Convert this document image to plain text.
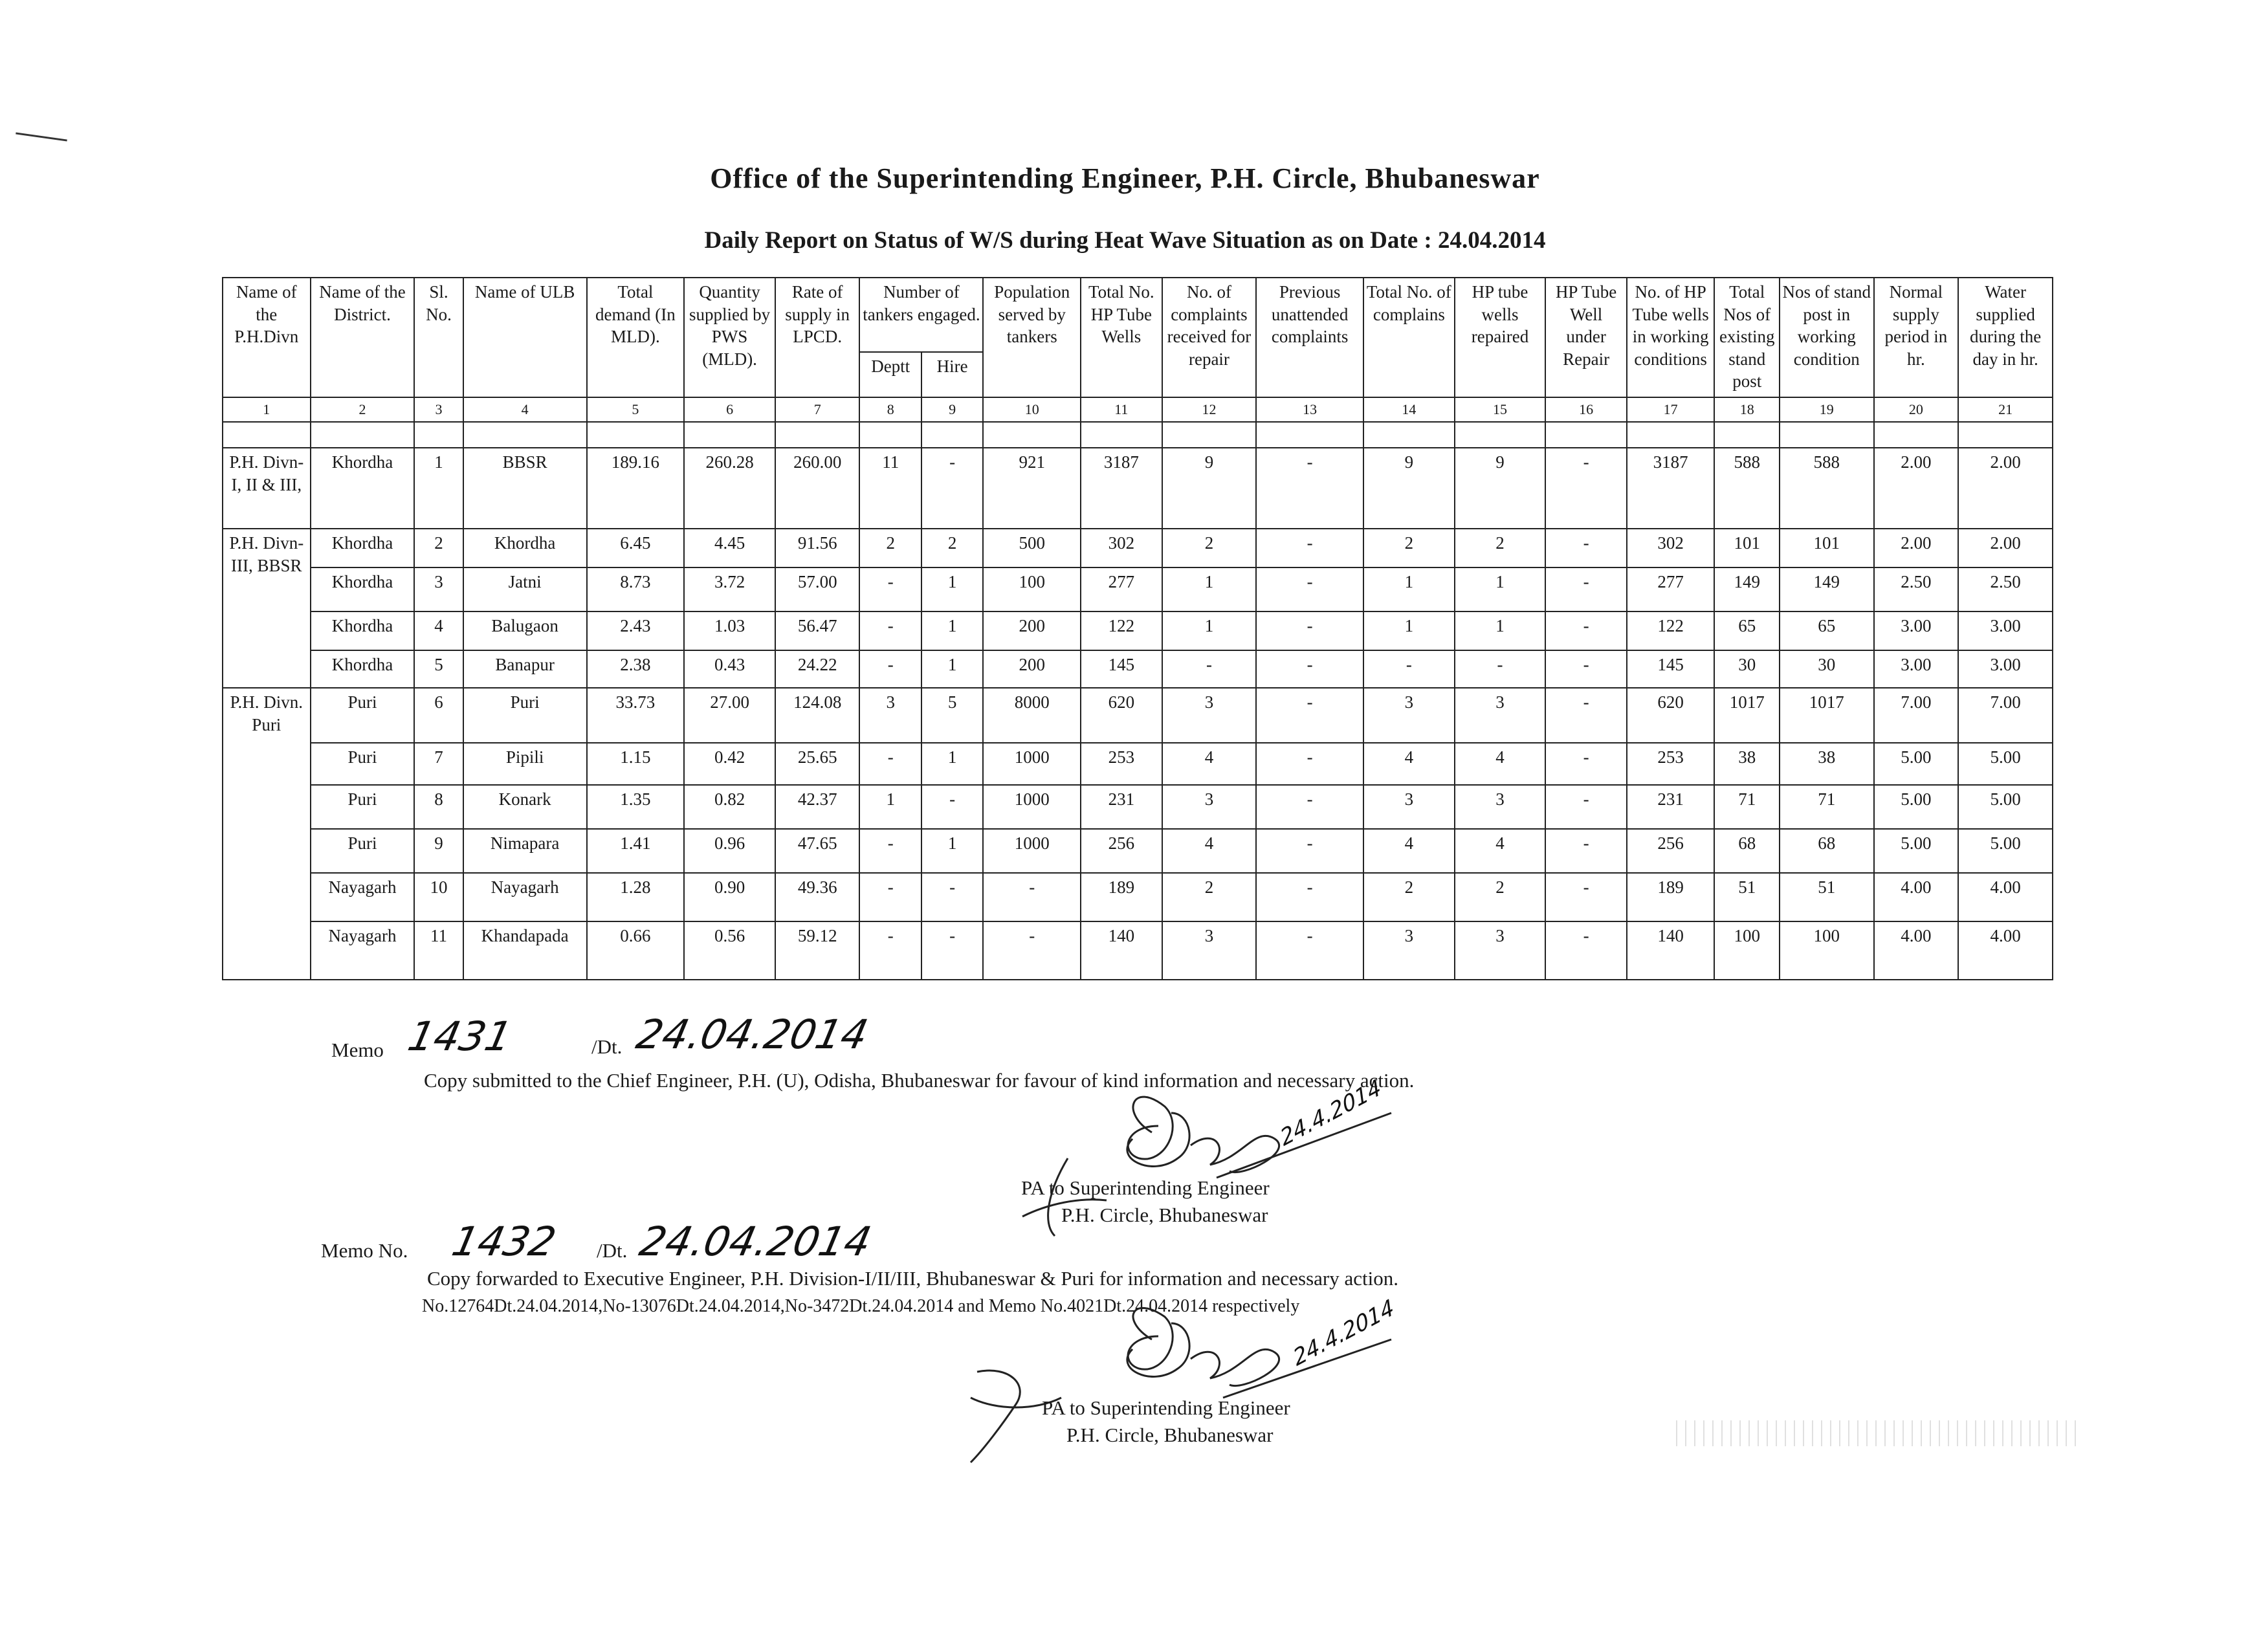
Office of the Superintending Engineer, P.H. Circle, Bhubaneswar
Daily Report on Status of W/S during Heat Wave Situation as on Date : 24.04.2014
Name of the P.H.Divn	Name of the District.	Sl. No.	Name of ULB	Total demand (In MLD).	Quantity supplied by PWS (MLD).	Rate of supply in LPCD.	Number of tankers engaged.		Population served by tankers	Total No. HP Tube Wells	No. of complaints received for repair	Previous unattended complaints	Total No. of complains	HP tube wells repaired	HP Tube Well under Repair	No. of HP Tube wells in working conditions	Total Nos of existing stand post	Nos of stand post in working condition	Normal supply period in hr.	Water supplied during the day in hr.
							Deptt	Hire												
1	2	3	4	5	6	7	8	9	10	11	12	13	14	15	16	17	18	19	20	21

P.H. Divn-I, II & III,	Khordha	1	BBSR	189.16	260.28	260.00	11	-	921	3187	9	-	9	9	-	3187	588	588	2.00	2.00
P.H. Divn-III, BBSR	Khordha	2	Khordha	6.45	4.45	91.56	2	2	500	302	2	-	2	2	-	302	101	101	2.00	2.00
	Khordha	3	Jatni	8.73	3.72	57.00	-	1	100	277	1	-	1	1	-	277	149	149	2.50	2.50
	Khordha	4	Balugaon	2.43	1.03	56.47	-	1	200	122	1	-	1	1	-	122	65	65	3.00	3.00
	Khordha	5	Banapur	2.38	0.43	24.22	-	1	200	145	-	-	-	-	-	145	30	30	3.00	3.00
P.H. Divn. Puri	Puri	6	Puri	33.73	27.00	124.08	3	5	8000	620	3	-	3	3	-	620	1017	1017	7.00	7.00
	Puri	7	Pipili	1.15	0.42	25.65	-	1	1000	253	4	-	4	4	-	253	38	38	5.00	5.00
	Puri	8	Konark	1.35	0.82	42.37	1	-	1000	231	3	-	3	3	-	231	71	71	5.00	5.00
	Puri	9	Nimapara	1.41	0.96	47.65	-	1	1000	256	4	-	4	4	-	256	68	68	5.00	5.00
	Nayagarh	10	Nayagarh	1.28	0.90	49.36	-	-	-	189	2	-	2	2	-	189	51	51	4.00	4.00
	Nayagarh	11	Khandapada	0.66	0.56	59.12	-	-	-	140	3	-	3	3	-	140	100	100	4.00	4.00
Memo 1431	/Dt. 24.04.2014
Copy submitted to the Chief Engineer, P.H. (U), Odisha, Bhubaneswar for favour of kind information and necessary action.
24.4.2014
PA to Superintending Engineer
P.H. Circle, Bhubaneswar
Memo No. 1432 /Dt. 24.04.2014
Copy forwarded to Executive Engineer, P.H. Division-I/II/III, Bhubaneswar & Puri for information and necessary action.
No.12764Dt.24.04.2014,No-13076Dt.24.04.2014,No-3472Dt.24.04.2014 and Memo No.4021Dt.24.04.2014 respectively
24.4.2014
PA to Superintending Engineer
P.H. Circle, Bhubaneswar
